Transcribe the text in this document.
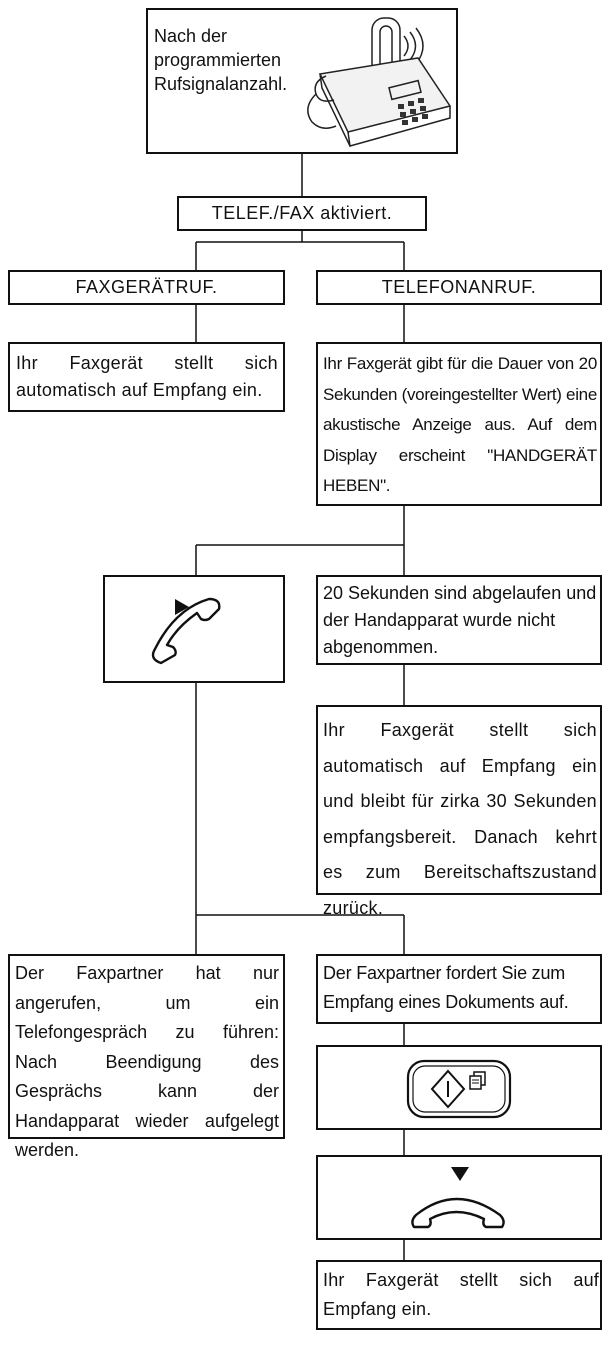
Nach der
programmierten
Rufsignalanzahl.
TELEF./FAX aktiviert.
FAXGERÄTRUF.	TELEFONANRUF.
Ihr Faxgerät stellt sich automatisch auf Empfang ein.
Ihr Faxgerät gibt für die Dauer von 20 Sekunden (voreingestellter Wert) eine akustische Anzeige aus. Auf dem Display erscheint "HANDGERÄT HEBEN".
20 Sekunden sind abgelaufen und der Handapparat wurde nicht abgenommen.
Ihr Faxgerät stellt sich automatisch auf Empfang ein und bleibt für zirka 30 Sekunden empfangsbereit. Danach kehrt es zum Bereitschaftszustand zurück.
Der Faxpartner hat nur angerufen, um ein Telefongespräch zu führen: Nach Beendigung des Gesprächs kann der Handapparat wieder aufgelegt werden.
Der Faxpartner fordert Sie zum Empfang eines Dokuments auf.
Ihr Faxgerät stellt sich auf Empfang ein.
